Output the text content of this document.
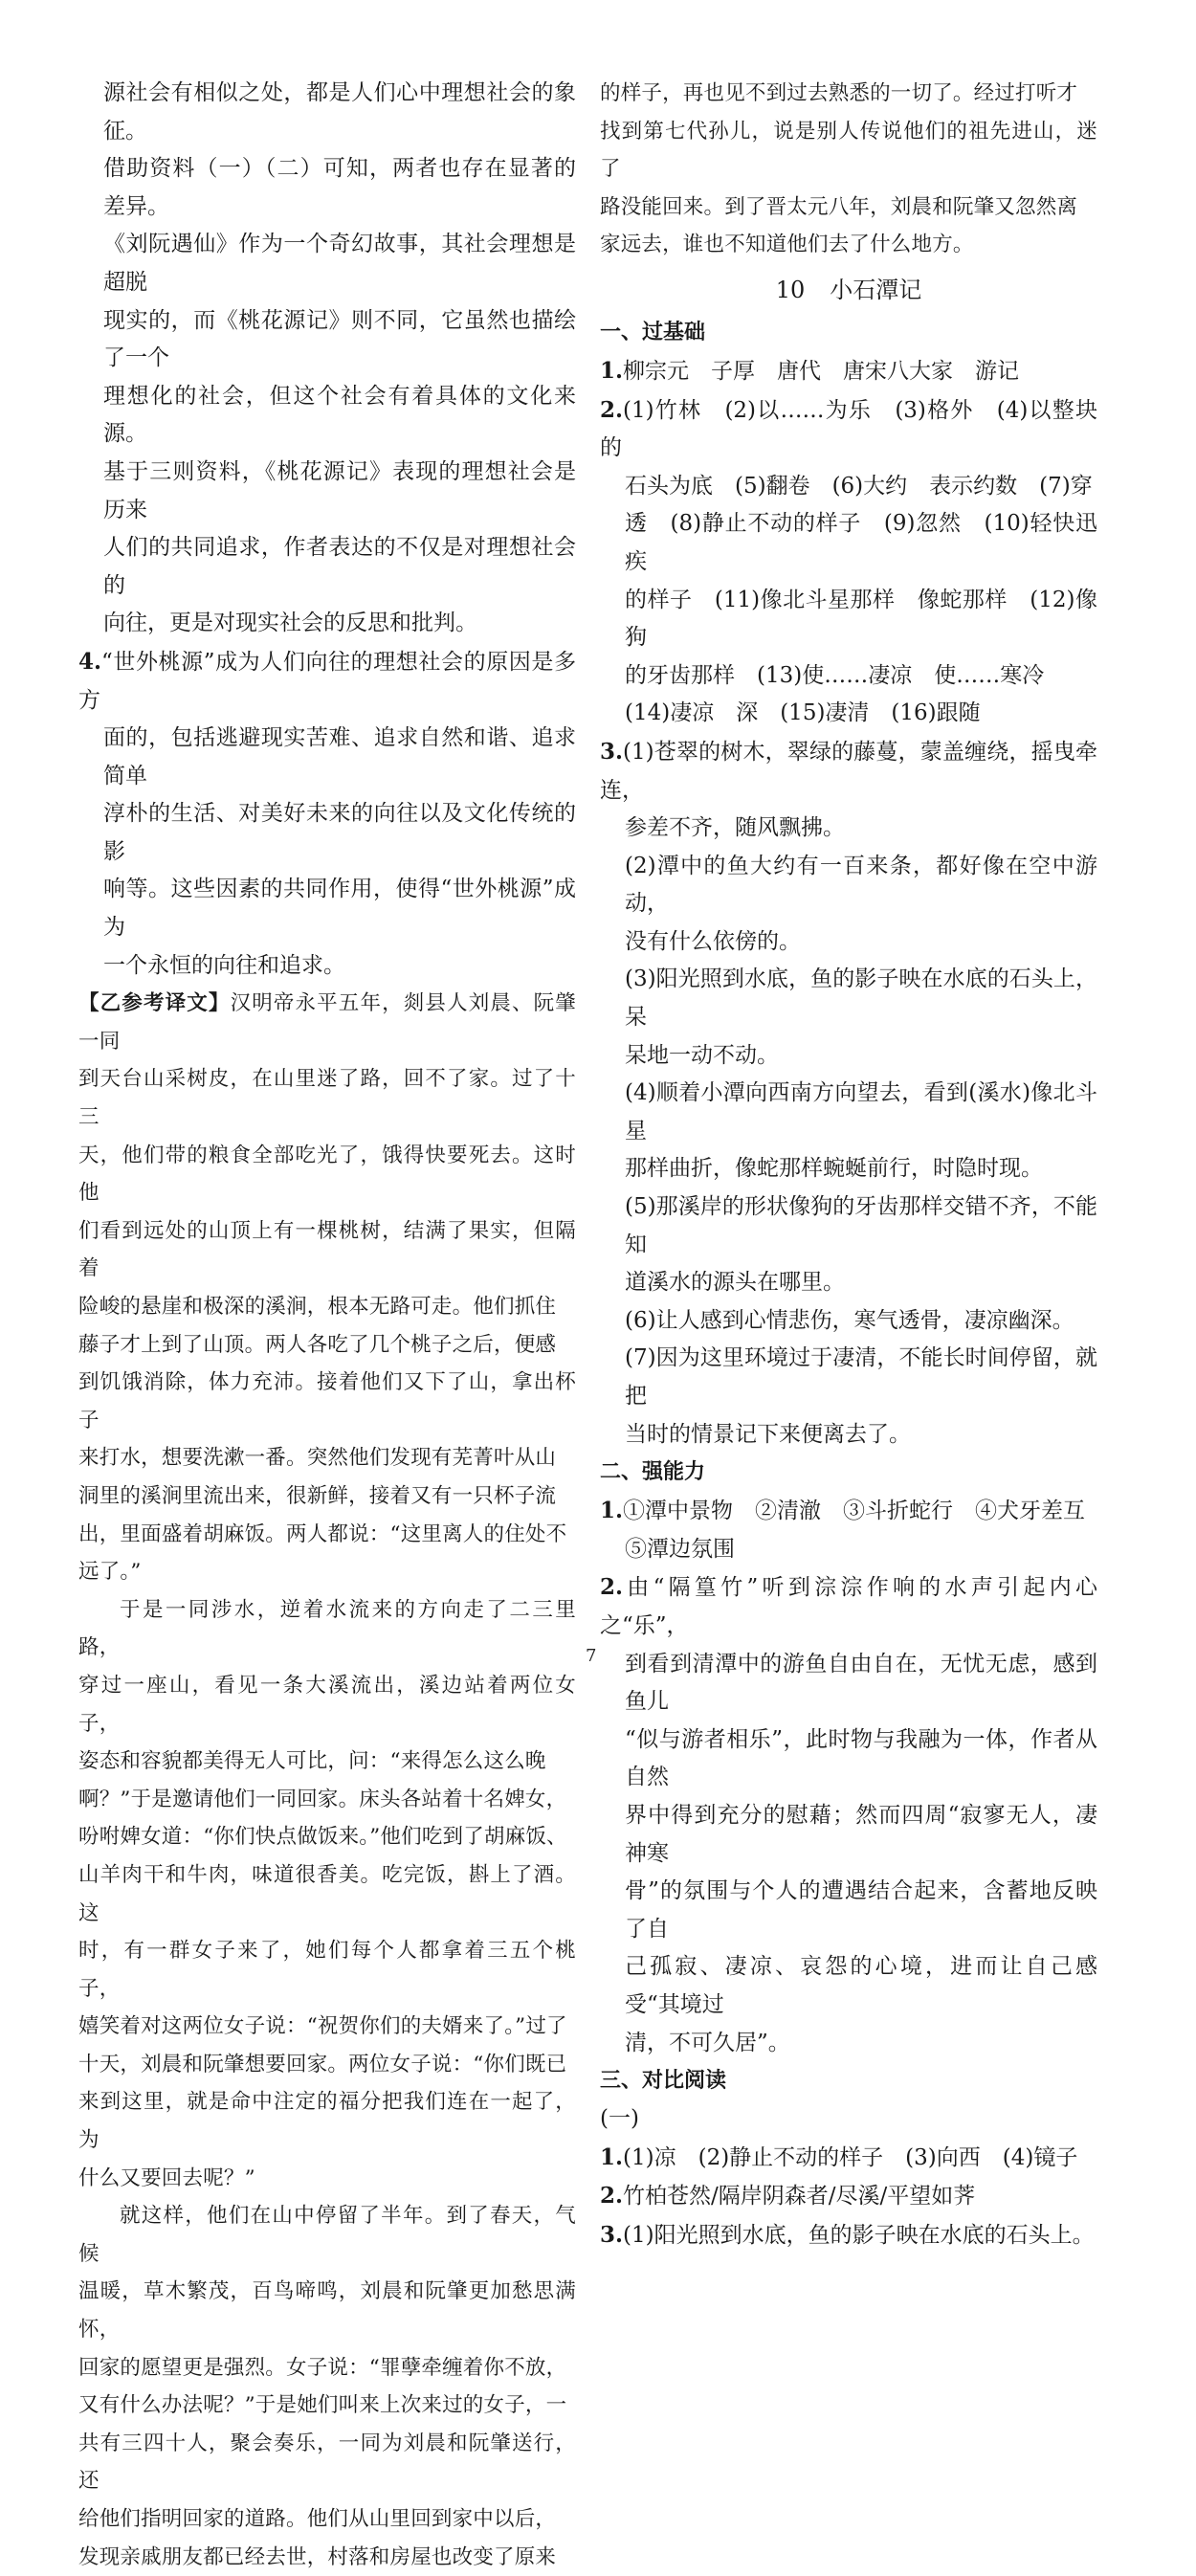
源社会有相似之处，都是人们心中理想社会的象征。
借助资料（一）（二）可知，两者也存在显著的差异。
《刘阮遇仙》作为一个奇幻故事，其社会理想是超脱
现实的，而《桃花源记》则不同，它虽然也描绘了一个
理想化的社会，但这个社会有着具体的文化来源。
基于三则资料，《桃花源记》表现的理想社会是历来
人们的共同追求，作者表达的不仅是对理想社会的
向往，更是对现实社会的反思和批判。
4.“世外桃源”成为人们向往的理想社会的原因是多方
面的，包括逃避现实苦难、追求自然和谐、追求简单
淳朴的生活、对美好未来的向往以及文化传统的影
响等。这些因素的共同作用，使得“世外桃源”成为
一个永恒的向往和追求。
【乙参考译文】汉明帝永平五年，剡县人刘晨、阮肇一同
到天台山采树皮，在山里迷了路，回不了家。过了十三
天，他们带的粮食全部吃光了，饿得快要死去。这时他
们看到远处的山顶上有一棵桃树，结满了果实，但隔着
险峻的悬崖和极深的溪涧，根本无路可走。他们抓住
藤子才上到了山顶。两人各吃了几个桃子之后，便感
到饥饿消除，体力充沛。接着他们又下了山，拿出杯子
来打水，想要洗漱一番。突然他们发现有芜菁叶从山
洞里的溪涧里流出来，很新鲜，接着又有一只杯子流
出，里面盛着胡麻饭。两人都说：“这里离人的住处不
远了。”
于是一同涉水，逆着水流来的方向走了二三里路，
穿过一座山，看见一条大溪流出，溪边站着两位女子，
姿态和容貌都美得无人可比，问：“来得怎么这么晚
啊？”于是邀请他们一同回家。床头各站着十名婢女，
吩咐婢女道：“你们快点做饭来。”他们吃到了胡麻饭、
山羊肉干和牛肉，味道很香美。吃完饭，斟上了酒。这
时，有一群女子来了，她们每个人都拿着三五个桃子，
嬉笑着对这两位女子说：“祝贺你们的夫婿来了。”过了
十天，刘晨和阮肇想要回家。两位女子说：“你们既已
来到这里，就是命中注定的福分把我们连在一起了，为
什么又要回去呢？”
就这样，他们在山中停留了半年。到了春天，气候
温暖，草木繁茂，百鸟啼鸣，刘晨和阮肇更加愁思满怀，
回家的愿望更是强烈。女子说：“罪孽牵缠着你不放，
又有什么办法呢？”于是她们叫来上次来过的女子，一
共有三四十人，聚会奏乐，一同为刘晨和阮肇送行，还
给他们指明回家的道路。他们从山里回到家中以后，
发现亲戚朋友都已经去世，村落和房屋也改变了原来
的样子，再也见不到过去熟悉的一切了。经过打听才
找到第七代孙儿，说是别人传说他们的祖先进山，迷了
路没能回来。到了晋太元八年，刘晨和阮肇又忽然离
家远去，谁也不知道他们去了什么地方。
10 小石潭记
一、过基础
1.柳宗元　子厚　唐代　唐宋八大家　游记
2.(1)竹林　(2)以……为乐　(3)格外　(4)以整块的
石头为底　(5)翻卷　(6)大约　表示约数　(7)穿
透　(8)静止不动的样子　(9)忽然　(10)轻快迅疾
的样子　(11)像北斗星那样　像蛇那样　(12)像狗
的牙齿那样　(13)使……凄凉　使……寒冷
(14)凄凉　深　(15)凄清　(16)跟随
3.(1)苍翠的树木，翠绿的藤蔓，蒙盖缠绕，摇曳牵连，
参差不齐，随风飘拂。
(2)潭中的鱼大约有一百来条，都好像在空中游动，
没有什么依傍的。
(3)阳光照到水底，鱼的影子映在水底的石头上，呆
呆地一动不动。
(4)顺着小潭向西南方向望去，看到(溪水)像北斗星
那样曲折，像蛇那样蜿蜒前行，时隐时现。
(5)那溪岸的形状像狗的牙齿那样交错不齐，不能知
道溪水的源头在哪里。
(6)让人感到心情悲伤，寒气透骨，凄凉幽深。
(7)因为这里环境过于凄清，不能长时间停留，就把
当时的情景记下来便离去了。
二、强能力
1.①潭中景物　②清澈　③斗折蛇行　④犬牙差互
⑤潭边氛围
2.由“隔篁竹”听到淙淙作响的水声引起内心之“乐”，
到看到清潭中的游鱼自由自在，无忧无虑，感到鱼儿
“似与游者相乐”，此时物与我融为一体，作者从自然
界中得到充分的慰藉；然而四周“寂寥无人，凄神寒
骨”的氛围与个人的遭遇结合起来，含蓄地反映了自
己孤寂、凄凉、哀怨的心境，进而让自己感受“其境过
清，不可久居”。
三、对比阅读
(一)
1.(1)凉　(2)静止不动的样子　(3)向西　(4)镜子
2.竹柏苍然/隔岸阴森者/尽溪/平望如荠
3.(1)阳光照到水底，鱼的影子映在水底的石头上。
7
